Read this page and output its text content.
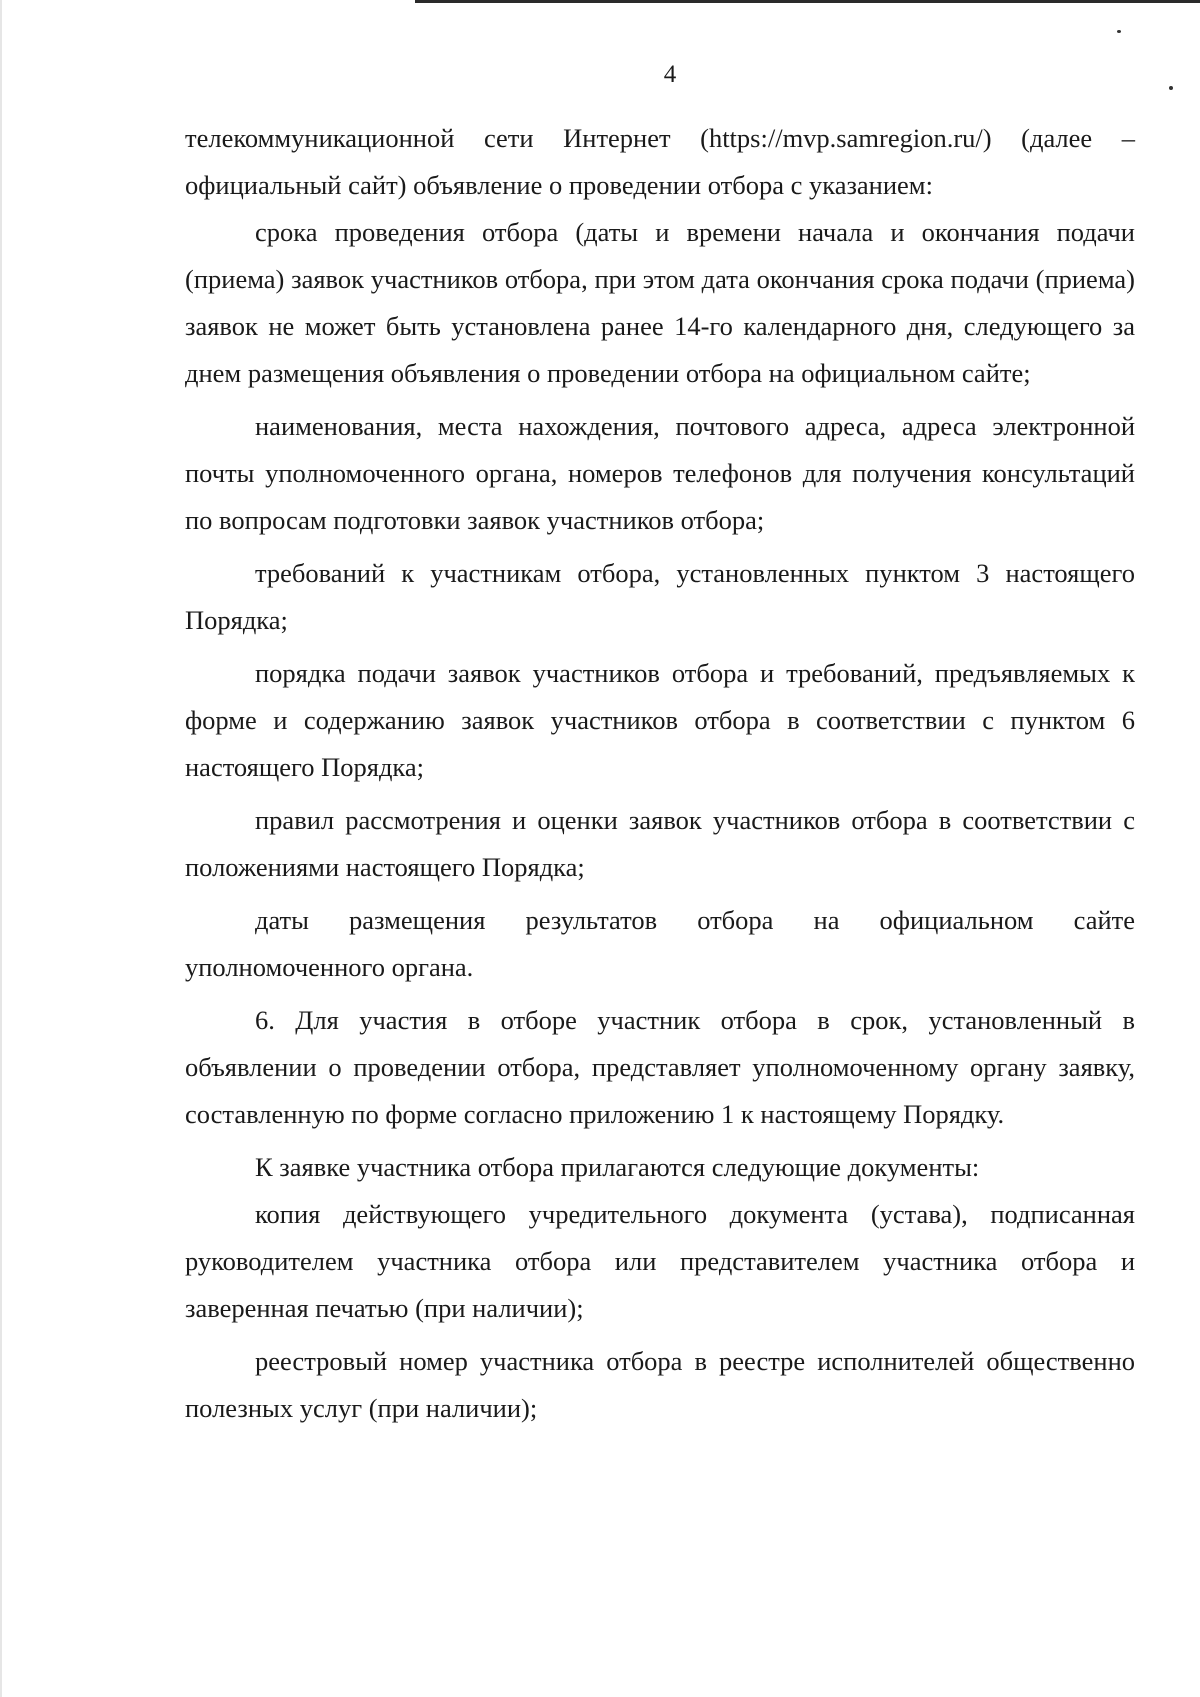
4

телекоммуникационной сети Интернет (https://mvp.samregion.ru/) (далее – официальный сайт) объявление о проведении отбора с указанием:

срока проведения отбора (даты и времени начала и окончания подачи (приема) заявок участников отбора, при этом дата окончания срока подачи (приема) заявок не может быть установлена ранее 14-го календарного дня, следующего за днем размещения объявления о проведении отбора на официальном сайте;

наименования, места нахождения, почтового адреса, адреса электронной почты уполномоченного органа, номеров телефонов для получения консультаций по вопросам подготовки заявок участников отбора;

требований к участникам отбора, установленных пунктом 3 настоящего Порядка;

порядка подачи заявок участников отбора и требований, предъявляемых к форме и содержанию заявок участников отбора в соответствии с пунктом 6 настоящего Порядка;

правил рассмотрения и оценки заявок участников отбора в соответствии с положениями настоящего Порядка;

даты размещения результатов отбора на официальном сайте уполномоченного органа.

6. Для участия в отборе участник отбора в срок, установленный в объявлении о проведении отбора, представляет уполномоченному органу заявку, составленную по форме согласно приложению 1 к настоящему Порядку.

К заявке участника отбора прилагаются следующие документы:

копия действующего учредительного документа (устава), подписанная руководителем участника отбора или представителем участника отбора и заверенная печатью (при наличии);

реестровый номер участника отбора в реестре исполнителей общественно полезных услуг (при наличии);
